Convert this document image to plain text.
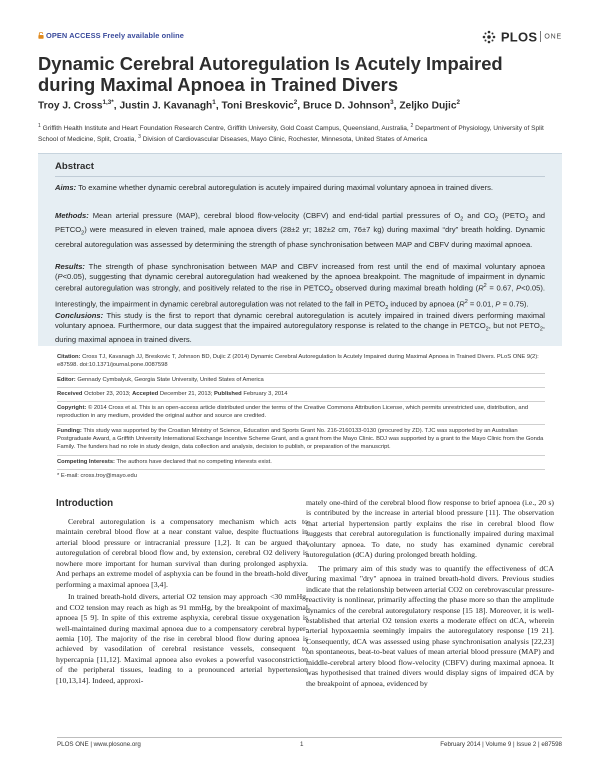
OPEN ACCESS Freely available online	PLOS ONE
Dynamic Cerebral Autoregulation Is Acutely Impaired during Maximal Apnoea in Trained Divers
Troy J. Cross$^{1,3*}$, Justin J. Kavanagh$^1$, Toni Breskovic$^2$, Bruce D. Johnson$^3$, Zeljko Dujic$^2$
$^1$ Griffith Health Institute and Heart Foundation Research Centre, Griffith University, Gold Coast Campus, Queensland, Australia, $^2$ Department of Physiology, University of Split School of Medicine, Split, Croatia, $^3$ Division of Cardiovascular Diseases, Mayo Clinic, Rochester, Minnesota, United States of America
Abstract

Aims: To examine whether dynamic cerebral autoregulation is acutely impaired during maximal voluntary apnoea in trained divers.

Methods: Mean arterial pressure (MAP), cerebral blood flow-velocity (CBFV) and end-tidal partial pressures of $O_2$ and $CO_2$ ($PETO_2$ and $PETCO_2$) were measured in eleven trained, male apnoea divers (28±2 yr; 182±2 cm, 76±7 kg) during maximal “dry” breath holding. Dynamic cerebral autoregulation was assessed by determining the strength of phase synchronisation between MAP and CBFV during maximal apnoea.

Results: The strength of phase synchronisation between MAP and CBFV increased from rest until the end of maximal voluntary apnoea (P<0.05), suggesting that dynamic cerebral autoregulation had weakened by the apnoea breakpoint. The magnitude of impairment in dynamic cerebral autoregulation was strongly, and positively related to the rise in $PETCO_2$ observed during maximal breath holding ($R^2 = 0.67$, P<0.05). Interestingly, the impairment in dynamic cerebral autoregulation was not related to the fall in $PETO_2$ induced by apnoea ($R^2 = 0.01$, P = 0.75).

Conclusions: This study is the first to report that dynamic cerebral autoregulation is acutely impaired in trained divers performing maximal voluntary apnoea. Furthermore, our data suggest that the impaired autoregulatory response is related to the change in $PETCO_2$, but not $PETO_2$, during maximal apnoea in trained divers.

Citation: Cross TJ, Kavanagh JJ, Breskovic T, Johnson BD, Dujic Z (2014) Dynamic Cerebral Autoregulation Is Acutely Impaired during Maximal Apnoea in Trained Divers. PLoS ONE 9(2): e87598. doi:10.1371/journal.pone.0087598
Editor: Gennady Cymbalyuk, Georgia State University, United States of America
Received October 23, 2013; Accepted December 21, 2013; Published February 3, 2014
Copyright: © 2014 Cross et al. This is an open-access article distributed under the terms of the Creative Commons Attribution License, which permits unrestricted use, distribution, and reproduction in any medium, provided the original author and source are credited.
Funding: This study was supported by the Croatian Ministry of Science, Education and Sports Grant No. 216-2160133-0130 (procured by ZD). TJC was supported by an Australian Postgraduate Award, a Griffith University International Exchange Incentive Scheme Grant, and a grant from the Mayo Clinic. BDJ was supported by a grant to the Mayo Clinic from the Gonda Family. The funders had no role in study design, data collection and analysis, decision to publish, or preparation of the manuscript.
Competing Interests: The authors have declared that no competing interests exist.
* E-mail: cross.troy@mayo.edu
Introduction

Cerebral autoregulation is a compensatory mechanism which acts to maintain cerebral blood flow at a near constant value, despite fluctuations in arterial blood pressure or intracranial pressure [1,2]. It can be argued that autoregulation of cerebral blood flow and, by extension, cerebral O2 delivery is nowhere more important for human survival than during prolonged asphyxia. And perhaps an extreme model of asphyxia can be found in the breath-hold diver performing a maximal apnoea [3,4].

In trained breath-hold divers, arterial O2 tension may approach <30 mmHg, and CO2 tension may reach as high as 91 mmHg, by the breakpoint of maximal apnoea [5 9]. In spite of this extreme asphyxia, cerebral tissue oxygenation is well-maintained during maximal apnoea due to a compensatory cerebral hyper-aemia [10]. The majority of the rise in cerebral blood flow during apnoea is achieved by vasodilation of cerebral resistance vessels, consequent to hypercapnia [11,12]. Maximal apnoea also evokes a powerful vasoconstriction of the peripheral tissues, leading to a pronounced arterial hypertension [10,13,14]. Indeed, approxi-

mately one-third of the cerebral blood flow response to brief apnoea (i.e., 20 s) is contributed by the increase in arterial blood pressure [11]. The observation that arterial hypertension partly explains the rise in cerebral blood flow suggests that cerebral autoregulation is functionally impaired during maximal voluntary apnoea. To date, no study has examined dynamic cerebral autoregulation (dCA) during prolonged breath holding.

The primary aim of this study was to quantify the effectiveness of dCA during maximal "dry" apnoea in trained breath-hold divers. Previous studies indicate that the relationship between arterial CO2 on cerebrovascular pressure-reactivity is nonlinear, primarily affecting the phase more so than the amplitude dynamics of the cerebral autoregulatory response [15 18]. Moreover, it is well-established that arterial O2 tension exerts a moderate effect on dCA, wherein arterial hypoxaemia seemingly impairs the autoregulatory response [19 21]. Consequently, dCA was assessed using phase synchronisation analysis [22,23] on spontaneous, beat-to-beat values of mean arterial blood pressure (MAP) and middle-cerebral artery blood flow-velocity (CBFV) during maximal apnoea. It was hypothesised that trained divers would display signs of impaired dCA by the breakpoint of apnoea, evidenced by

PLOS ONE | www.plosone.org	1	February 2014 | Volume 9 | Issue 2 | e87598
